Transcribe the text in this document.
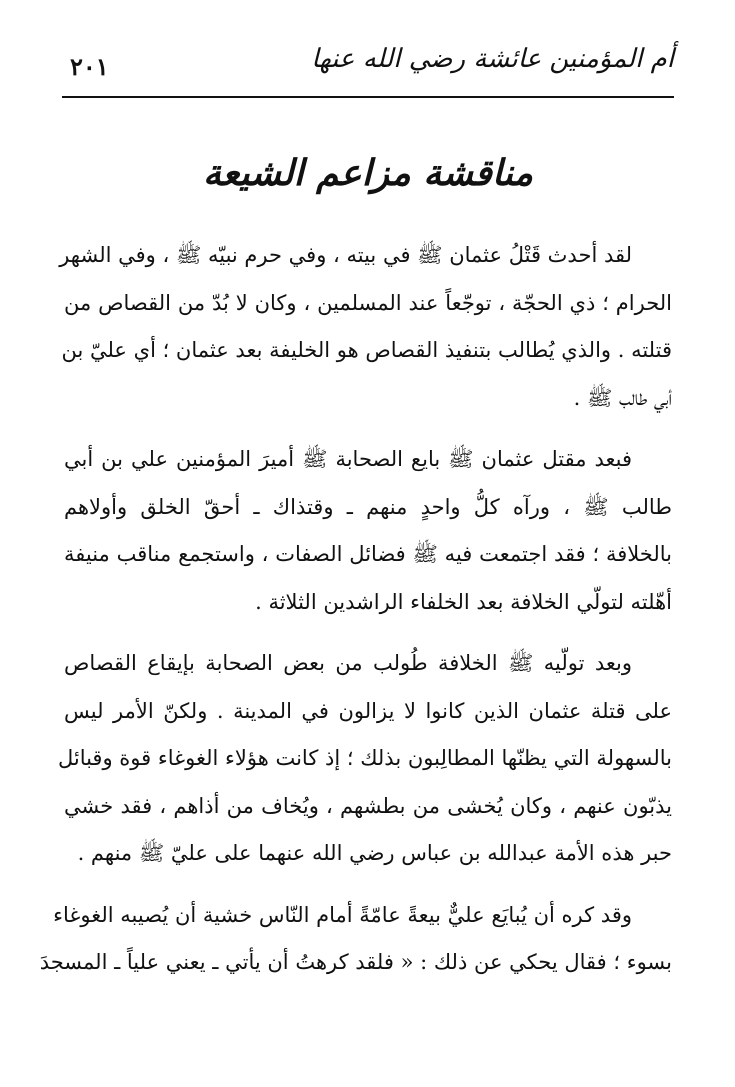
أم المؤمنين عائشة رضي الله عنها
٢٠١
مناقشة مزاعم الشيعة

لقد أحدث قَتْلُ عثمان ﷺ في بيته ، وفي حرم نبيّه ﷺ ، وفي الشهر
الحرام ؛ ذي الحجّة ، توجّعاً عند المسلمين ، وكان لا بُدّ من القصاص من
قتلته . والذي يُطالب بتنفيذ القصاص هو الخليفة بعد عثمان ؛ أي عليّ بن
أبي طالب ﷺ .

فبعد مقتل عثمان ﷺ بايع الصحابة ﷺ أميرَ المؤمنين علي بن أبي
طالب ﷺ ، ورآه كلُّ واحدٍ منهم ـ وقتذاك ـ أحقّ الخلق وأولاهم
بالخلافة ؛ فقد اجتمعت فيه ﷺ فضائل الصفات ، واستجمع مناقب منيفة
أهّلته لتولّي الخلافة بعد الخلفاء الراشدين الثلاثة .

وبعد تولّيه ﷺ الخلافة طُولب من بعض الصحابة بإيقاع القصاص
على قتلة عثمان الذين كانوا لا يزالون في المدينة . ولكنّ الأمر ليس
بالسهولة التي يظنّها المطالِبون بذلك ؛ إذ كانت هؤلاء الغوغاء قوة وقبائل
يذبّون عنهم ، وكان يُخشى من بطشهم ، ويُخاف من أذاهم ، فقد خشي
حبر هذه الأمة عبدالله بن عباس رضي الله عنهما على عليّ ﷺ منهم .

وقد كره أن يُبايَع عليٌّ بيعةً عامّةً أمام النّاس خشية أن يُصيبه الغوغاء
بسوء ؛ فقال يحكي عن ذلك : « فلقد كرهتُ أن يأتي ـ يعني علياً ـ المسجدَ
